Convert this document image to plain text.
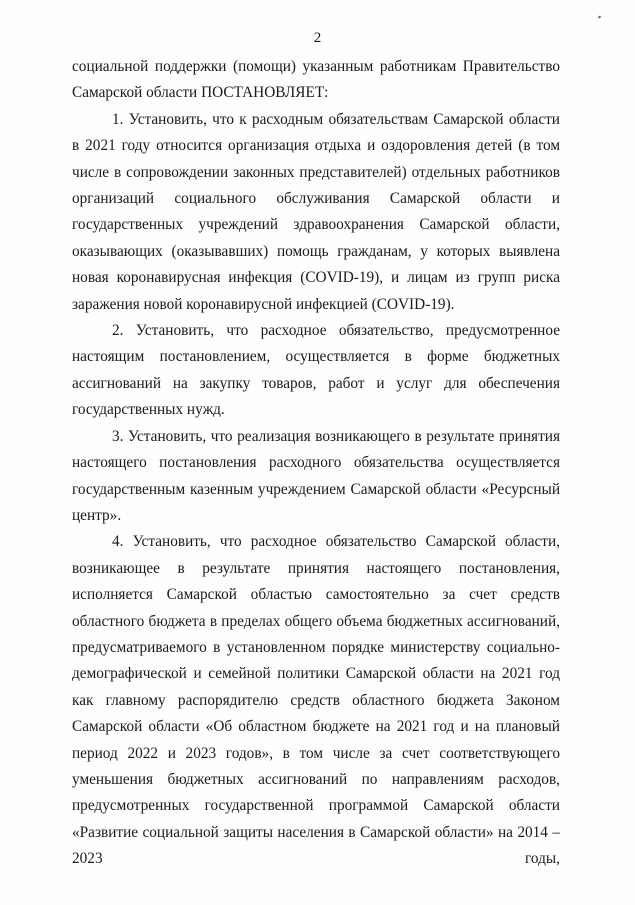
2

социальной поддержки (помощи) указанным работникам Правительство Самарской области ПОСТАНОВЛЯЕТ:

1. Установить, что к расходным обязательствам Самарской области в 2021 году относится организация отдыха и оздоровления детей (в том числе в сопровождении законных представителей) отдельных работников организаций социального обслуживания Самарской области и государственных учреждений здравоохранения Самарской области, оказывающих (оказывавших) помощь гражданам, у которых выявлена новая коронавирусная инфекция (COVID-19), и лицам из групп риска заражения новой коронавирусной инфекцией (COVID-19).

2. Установить, что расходное обязательство, предусмотренное настоящим постановлением, осуществляется в форме бюджетных ассигнований на закупку товаров, работ и услуг для обеспечения государственных нужд.

3. Установить, что реализация возникающего в результате принятия настоящего постановления расходного обязательства осуществляется государственным казенным учреждением Самарской области «Ресурсный центр».

4. Установить, что расходное обязательство Самарской области, возникающее в результате принятия настоящего постановления, исполняется Самарской областью самостоятельно за счет средств областного бюджета в пределах общего объема бюджетных ассигнований, предусматриваемого в установленном порядке министерству социально-демографической и семейной политики Самарской области на 2021 год как главному распорядителю средств областного бюджета Законом Самарской области «Об областном бюджете на 2021 год и на плановый период 2022 и 2023 годов», в том числе за счет соответствующего уменьшения бюджетных ассигнований по направлениям расходов, предусмотренных государственной программой Самарской области «Развитие социальной защиты населения в Самарской области» на 2014 – 2023 годы,
